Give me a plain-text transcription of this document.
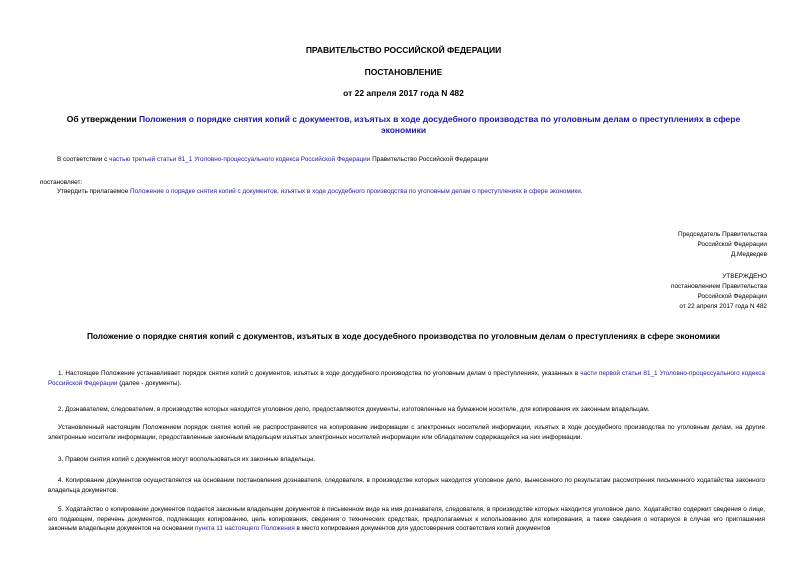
ПРАВИТЕЛЬСТВО РОССИЙСКОЙ ФЕДЕРАЦИИ
ПОСТАНОВЛЕНИЕ
от 22 апреля 2017 года N 482
Об утверждении Положения о порядке снятия копий с документов, изъятых в ходе досудебного производства по уголовным делам о преступлениях в сфере экономики
В соответствии с частью третьей статьи 81_1 Уголовно-процессуального кодекса Российской Федерации Правительство Российской Федерации
постановляет:
Утвердить прилагаемое Положение о порядке снятия копий с документов, изъятых в ходе досудебного производства по уголовным делам о преступлениях в сфере экономики.
Председатель Правительства
Российской Федерации
Д.Медведев
УТВЕРЖДЕНО
постановлением Правительства
Российской Федерации
от 22 апреля 2017 года N 482
Положение о порядке снятия копий с документов, изъятых в ходе досудебного производства по уголовным делам о преступлениях в сфере экономики
1. Настоящее Положение устанавливает порядок снятия копий с документов, изъятых в ходе досудебного производства по уголовным делам о преступлениях, указанных в части первой статьи 81_1 Уголовно-процессуального кодекса Российской Федерации (далее - документы).
2. Дознавателем, следователем, в производстве которых находится уголовное дело, предоставляются документы, изготовленные на бумажном носителе, для копирования их законным владельцам.
Установленный настоящим Положением порядок снятия копий не распространяется на копирование информации с электронных носителей информации, изъятых в ходе досудебного производства по уголовным делам, на другие электронные носители информации, предоставленные законным владельцем изъятых электронных носителей информации или обладателем содержащейся на них информации.
3. Правом снятия копий с документов могут воспользоваться их законные владельцы.
4. Копирование документов осуществляется на основании постановления дознавателя, следователя, в производстве которых находится уголовное дело, вынесенного по результатам рассмотрения письменного ходатайства законного владельца документов.
5. Ходатайство о копировании документов подается законным владельцем документов в письменном виде на имя дознавателя, следователя, в производстве которых находится уголовное дело. Ходатайство содержит сведения о лице, его подающем, перечень документов, подлежащих копированию, цель копирования, сведения о технических средствах, предполагаемых к использованию для копирования, а также сведения о нотариусе в случае его приглашения законным владельцем документов на основании пункта 11 настоящего Положения в место копирования документов для удостоверения соответствия копий документов
